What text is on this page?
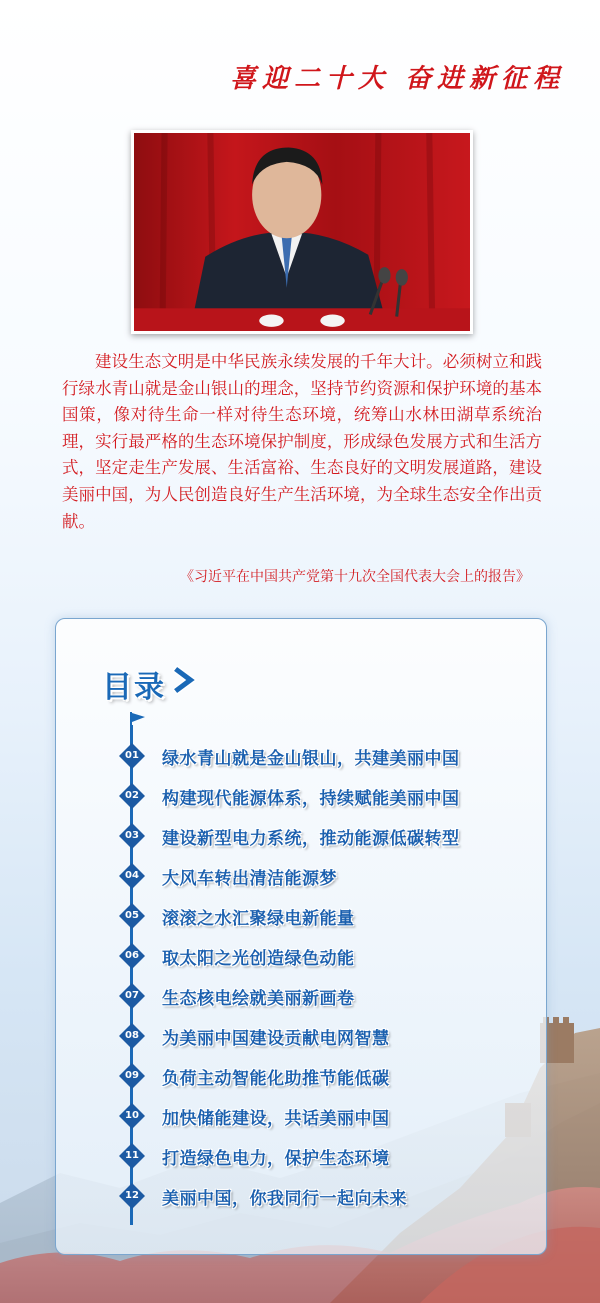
喜迎二十大 奋进新征程

建设生态文明是中华民族永续发展的千年大计。必须树立和践行绿水青山就是金山银山的理念，坚持节约资源和保护环境的基本国策，像对待生命一样对待生态环境，统筹山水林田湖草系统治理，实行最严格的生态环境保护制度，形成绿色发展方式和生活方式，坚定走生产发展、生活富裕、生态良好的文明发展道路，建设美丽中国，为人民创造良好生产生活环境，为全球生态安全作出贡献。

《习近平在中国共产党第十九次全国代表大会上的报告》
目录
01	绿水青山就是金山银山，共建美丽中国
02	构建现代能源体系，持续赋能美丽中国
03	建设新型电力系统，推动能源低碳转型
04	大风车转出清洁能源梦
05	滚滚之水汇聚绿电新能量
06	取太阳之光创造绿色动能
07	生态核电绘就美丽新画卷
08	为美丽中国建设贡献电网智慧
09	负荷主动智能化助推节能低碳
10	加快储能建设，共话美丽中国
11	打造绿色电力，保护生态环境
12	美丽中国，你我同行一起向未来
